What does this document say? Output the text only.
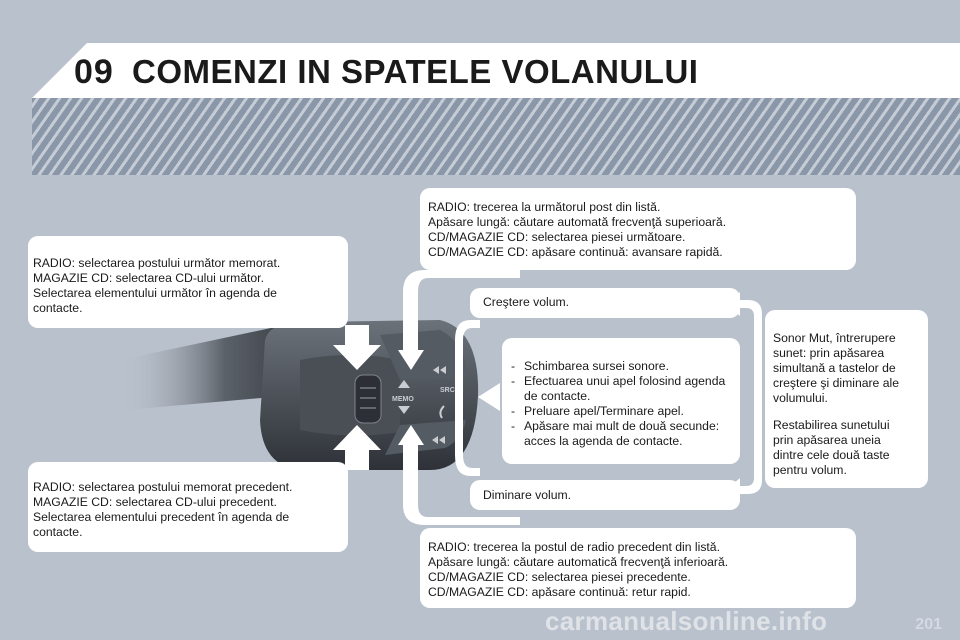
09 COMENZI IN SPATELE VOLANULUI
MEMO
SRC

RADIO: trecerea la următorul post din listă.

Apăsare lungă: căutare automată frecvenţă superioară.

CD/MAGAZIE CD: selectarea piesei următoare.

CD/MAGAZIE CD: apăsare continuă: avansare rapidă.

RADIO: selectarea postului următor memorat.

MAGAZIE CD: selectarea CD-ului următor.

Selectarea elementului următor în agenda de

contacte.	Creştere volum.

- Schimbarea sursei sonore.
- Efectuarea unui apel folosind agenda de contacte.
- Preluare apel/Terminare apel.
- Apăsare mai mult de două secunde: acces la agenda de contacte.

Sonor Mut, întrerupere

sunet: prin apăsarea

simultană a tastelor de

creştere şi diminare ale

volumului.

Restabilirea sunetului

prin apăsarea uneia

dintre cele două taste

pentru volum.

Diminare volum.

RADIO: selectarea postului memorat precedent.

MAGAZIE CD: selectarea CD-ului precedent.

Selectarea elementului precedent în agenda de

contacte.

RADIO: trecerea la postul de radio precedent din listă.

Apăsare lungă: căutare automatică frecvenţă inferioară.

CD/MAGAZIE CD: selectarea piesei precedente.

CD/MAGAZIE CD: apăsare continuă: retur rapid.

carmanualsonline.info	201
